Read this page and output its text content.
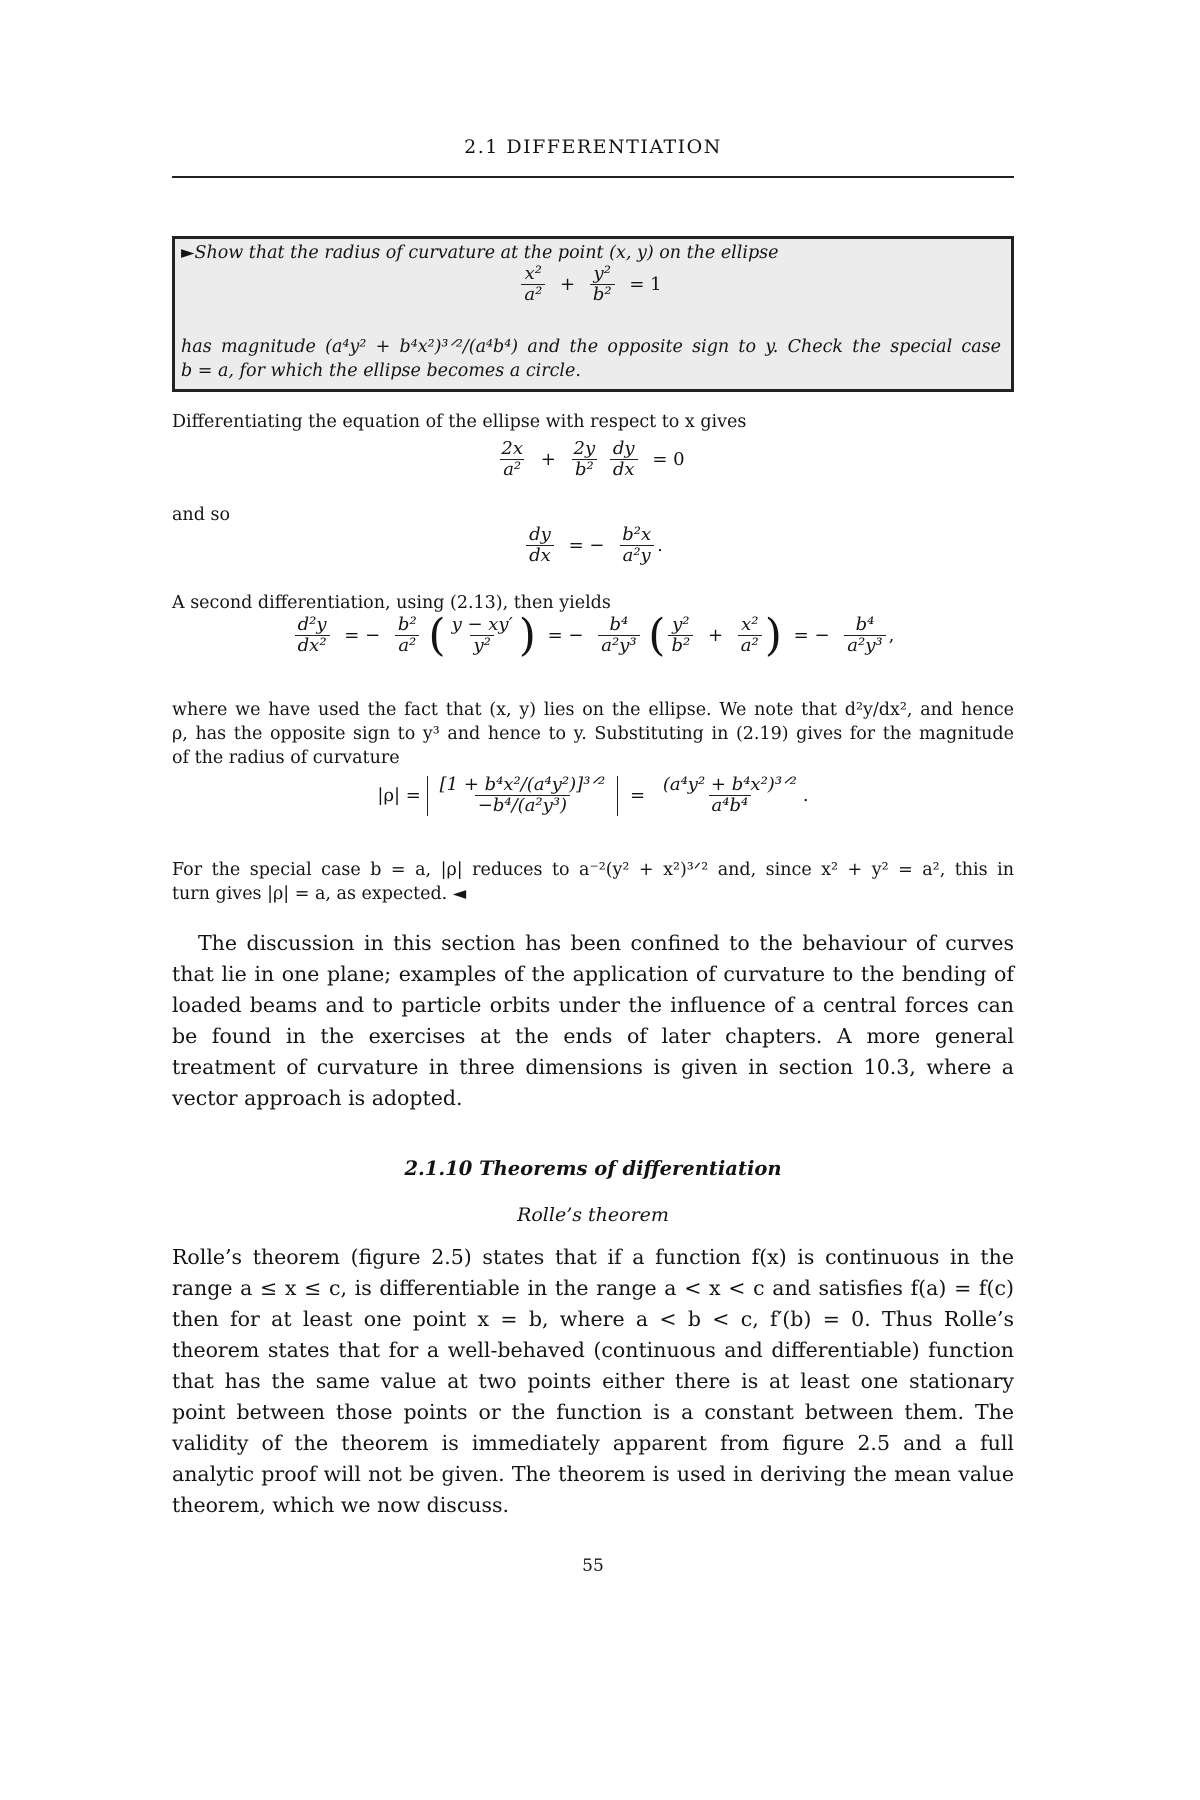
2.1 DIFFERENTIATION
►Show that the radius of curvature at the point (x, y) on the ellipse
$\frac{\text{x²}}{\text{a²}} + \frac{\text{y²}}{\text{b²}} = 1$
has magnitude (a⁴y² + b⁴x²)³ᐟ²/(a⁴b⁴) and the opposite sign to y. Check the special case
b = a, for which the ellipse becomes a circle.
Differentiating the equation of the ellipse with respect to x gives
$\frac{2x}{\text{a²}} + \frac{2y}{\text{b²}}$
$\frac{dy}{dx} = 0$
and so
$\frac{dy}{dx}$ = − $\frac{\text{b²x}}{\text{a²y}}$ .
A second differentiation, using (2.13), then yields
$\frac{\text{d²y}}{\text{dx²}}$ = − $\frac{\text{b²}}{\text{a²}}$ ( $\frac{y - xy'}{\text{y²}}$ ) = − $\frac{\text{b⁴}}{\text{a²y³}}$ ( $\frac{\text{y²}}{\text{b²}} + \frac{\text{x²}}{\text{a²}}$ ) = − $\frac{\text{b⁴}}{\text{a²y³}}$ ,
where we have used the fact that (x, y) lies on the ellipse. We note that d²y/dx², and hence
ρ, has the opposite sign to y³ and hence to y. Substituting in (2.19) gives for the magnitude
of the radius of curvature
$|\rho| = \frac{\text{[1 + b⁴x²/(a⁴y²)]³ᐟ²}}{\text{−b⁴/(a²y³)}} = \frac{\text{(a⁴y² + b⁴x²)³ᐟ²}}{\text{a⁴b⁴}}$ .
For the special case b = a, |ρ| reduces to a⁻²(y² + x²)³ᐟ² and, since x² + y² = a², this in
turn gives |ρ| = a, as expected. ◄
The discussion in this section has been confined to the behaviour of curves that lie in one plane; examples of the application of curvature to the bending of loaded beams and to particle orbits under the influence of a central forces can be found in the exercises at the ends of later chapters. A more general treatment of curvature in three dimensions is given in section 10.3, where a vector approach is adopted.
2.1.10 Theorems of differentiation
Rolle’s theorem
Rolle’s theorem (figure 2.5) states that if a function f(x) is continuous in the range a ≤ x ≤ c, is differentiable in the range a < x < c and satisfies f(a) = f(c) then for at least one point x = b, where a < b < c, f′(b) = 0. Thus Rolle’s theorem states that for a well-behaved (continuous and differentiable) function that has the same value at two points either there is at least one stationary point between those points or the function is a constant between them. The validity of the theorem is immediately apparent from figure 2.5 and a full analytic proof will not be given. The theorem is used in deriving the mean value theorem, which we now discuss.
55
